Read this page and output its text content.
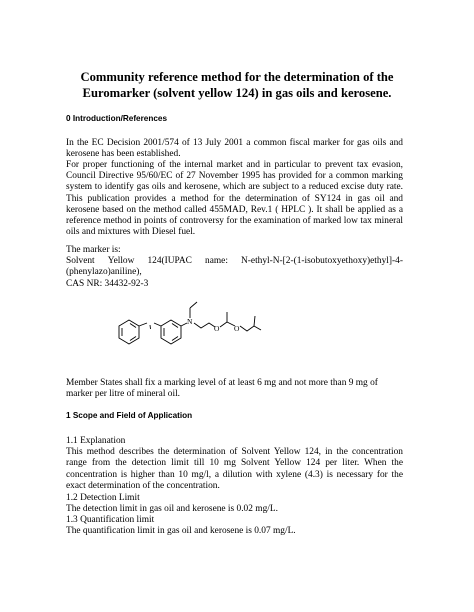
Community reference method for the determination of the
Euromarker (solvent yellow 124) in gas oils and kerosene.
0 Introduction/References
In the EC Decision 2001/574 of 13 July 2001 a common fiscal marker for gas oils and
kerosene has been established.
For proper functioning of the internal market and in particular to prevent tax evasion,
Council Directive 95/60/EC of 27 November 1995 has provided for a common marking
system to identify gas oils and kerosene, which are subject to a reduced excise duty rate.
This publication provides a method for the determination of SY124 in gas oil and
kerosene based on the method called 455MAD, Rev.1 ( HPLC ). It shall be applied as a
reference method in points of controversy for the examination of marked low tax mineral
oils and mixtures with Diesel fuel.
The marker is:
Solvent Yellow 124(IUPAC name: N-ethyl-N-[2-(1-isobutoxyethoxy)ethyl]-4-
(phenylazo)aniline),
CAS NR: 34432-92-3
N
O O
Member States shall fix a marking level of at least 6 mg and not more than 9 mg of
marker per litre of mineral oil.
1 Scope and Field of Application
1.1 Explanation
This method describes the determination of Solvent Yellow 124, in the concentration
range from the detection limit till 10 mg Solvent Yellow 124 per liter. When the
concentration is higher than 10 mg/l, a dilution with xylene (4.3) is necessary for the
exact determination of the concentration.
1.2 Detection Limit
The detection limit in gas oil and kerosene is 0.02 mg/L.
1.3 Quantification limit
The quantification limit in gas oil and kerosene is 0.07 mg/L.
